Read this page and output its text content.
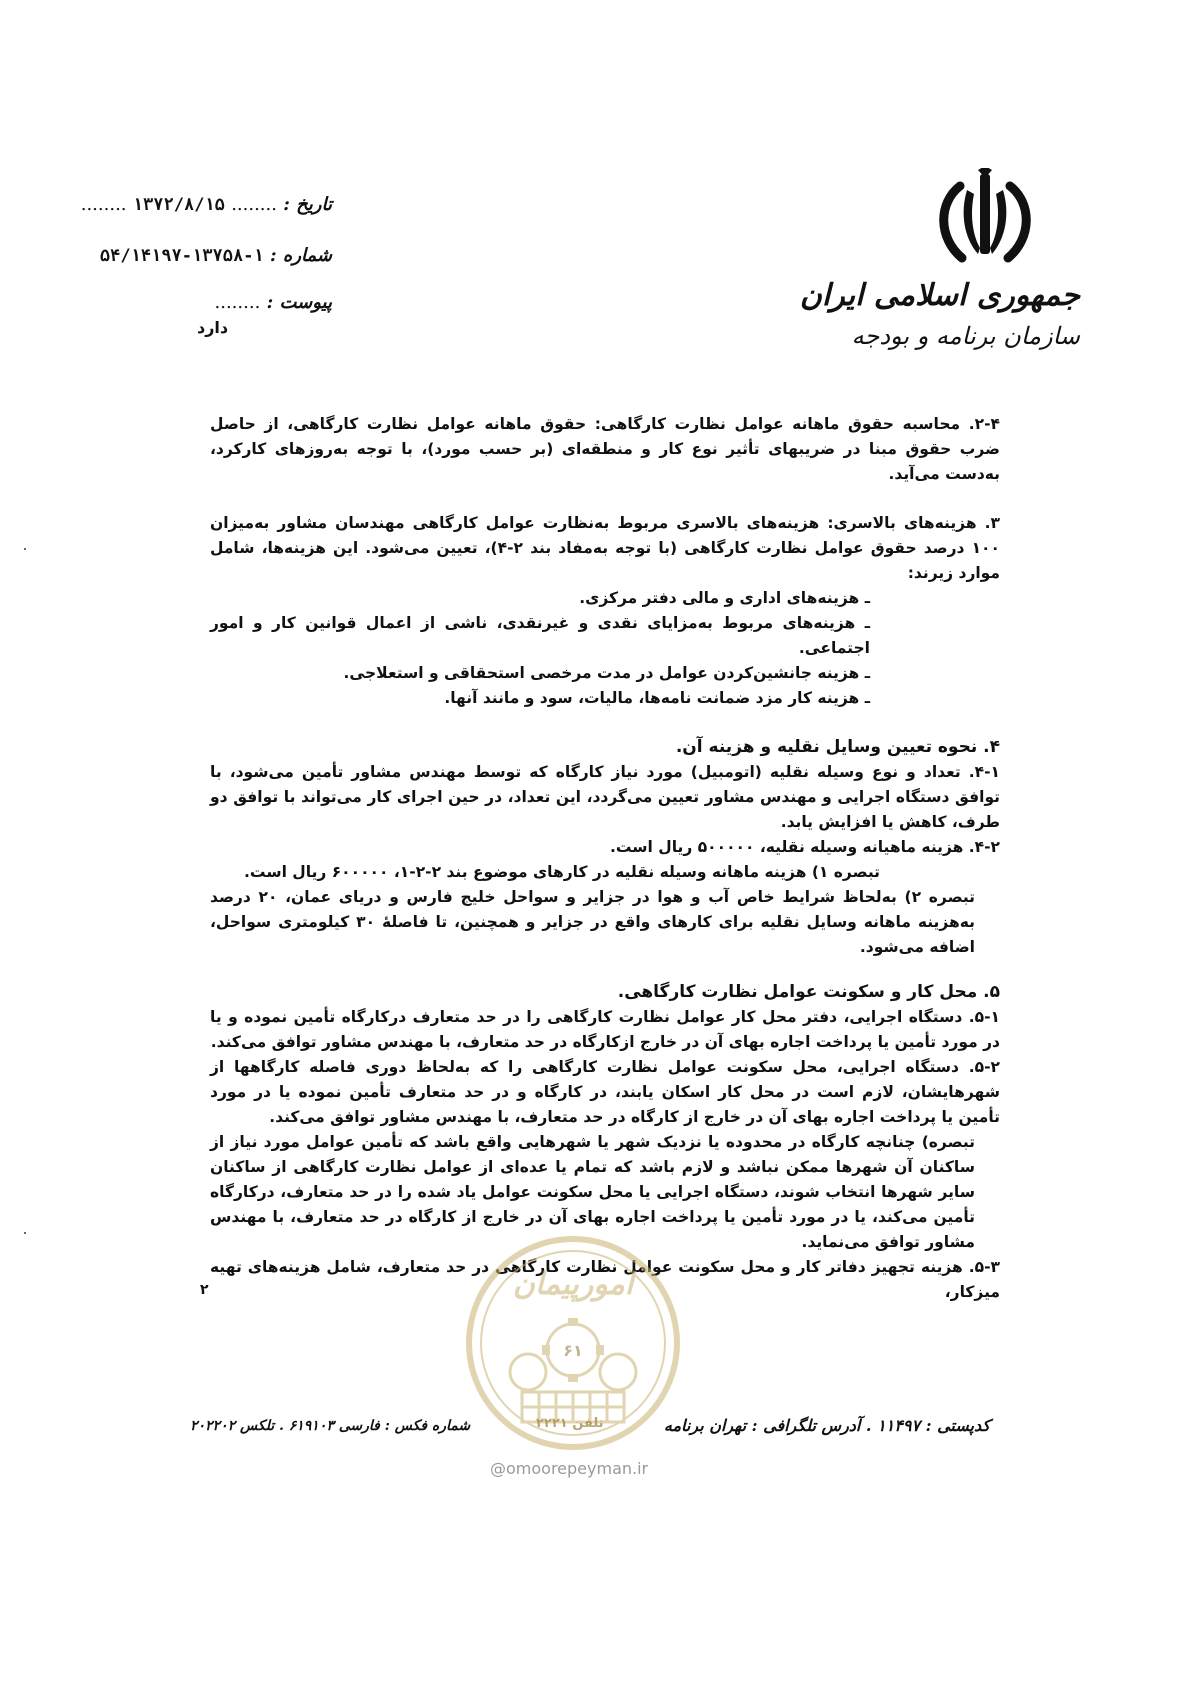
جمهوری اسلامی ایران
سازمان برنامه و بودجه
تاریخ : ........ ۱۳۷۲/۸/۱۵ ........
شماره : ۱-۱۳۷۵۸-۵۴/۱۴۱۹۷
پیوست : ........
دارد

۲-۴. محاسبه حقوق ماهانه عوامل نظارت کارگاهی: حقوق ماهانه عوامل نظارت کارگاهی، از حاصل ضرب حقوق مبنا در ضریبهای تأثیر نوع کار و منطقه‌ای (بر حسب مورد)، با توجه به‌روزهای کارکرد، به‌دست می‌آید.

۳. هزینه‌های بالاسری: هزینه‌های بالاسری مربوط به‌نظارت عوامل کارگاهی مهندسان مشاور به‌میزان ۱۰۰ درصد حقوق عوامل نظارت کارگاهی (با توجه به‌مفاد بند ۲-۴)، تعیین می‌شود. این هزینه‌ها، شامل موارد زیرند:

ـ هزینه‌های اداری و مالی دفتر مرکزی.

ـ هزینه‌های مربوط به‌مزایای نقدی و غیرنقدی، ناشی از اعمال قوانین کار و امور اجتماعی.

ـ هزینه جانشین‌کردن عوامل در مدت مرخصی استحقاقی و استعلاجی.

ـ هزینه کار مزد ضمانت نامه‌ها، مالیات، سود و مانند آنها.

۴. نحوه تعیین وسایل نقلیه و هزینه آن.

۴-۱. تعداد و نوع وسیله نقلیه (اتومبیل) مورد نیاز کارگاه که توسط مهندس مشاور تأمین می‌شود، با توافق دستگاه اجرایی و مهندس مشاور تعیین می‌گردد، این تعداد، در حین اجرای کار می‌تواند با توافق دو طرف، کاهش یا افزایش یابد.

۴-۲. هزینه ماهیانه وسیله نقلیه، ۵۰۰۰۰۰ ریال است.

تبصره ۱) هزینه ماهانه وسیله نقلیه در کارهای موضوع بند ۲-۲-۱، ۶۰۰۰۰۰ ریال است.

تبصره ۲) به‌لحاظ شرایط خاص آب و هوا در جزایر و سواحل خلیج فارس و دریای عمان، ۲۰ درصد به‌هزینه ماهانه وسایل نقلیه برای کارهای واقع در جزایر و همچنین، تا فاصلهٔ ۳۰ کیلومتری سواحل، اضافه می‌شود.

۵. محل کار و سکونت عوامل نظارت کارگاهی.

۵-۱. دستگاه اجرایی، دفتر محل کار عوامل نظارت کارگاهی را در حد متعارف درکارگاه تأمین نموده و یا در مورد تأمین یا پرداخت اجاره بهای آن در خارج ازکارگاه در حد متعارف، با مهندس مشاور توافق می‌کند.

۵-۲. دستگاه اجرایی، محل سکونت عوامل نظارت کارگاهی را که به‌لحاظ دوری فاصله کارگاهها از شهرهایشان، لازم است در محل کار اسکان یابند، در کارگاه و در حد متعارف تأمین نموده یا در مورد تأمین یا پرداخت اجاره بهای آن در خارج از کارگاه در حد متعارف، با مهندس مشاور توافق می‌کند.

تبصره) چنانچه کارگاه در محدوده یا نزدیک شهر یا شهرهایی واقع باشد که تأمین عوامل مورد نیاز از ساکنان آن شهرها ممکن نباشد و لازم باشد که تمام یا عده‌ای از عوامل نظارت کارگاهی از ساکنان سایر شهرها انتخاب شوند، دستگاه اجرایی یا محل سکونت عوامل یاد شده را در حد متعارف، درکارگاه تأمین می‌کند، یا در مورد تأمین یا پرداخت اجاره بهای آن در خارج از کارگاه در حد متعارف، با مهندس مشاور توافق می‌نماید.

۵-۳. هزینه تجهیز دفاتر کار و محل سکونت عوامل نظارت کارگاهی در حد متعارف، شامل هزینه‌های تهیه میزکار،

۲	امورپیمان
۶۱
تلفن ۲۲۲۱
شماره فکس : فارسی ۶۱۹۱۰۳ . تلکس ۲۰۲۲۰۲	کدپستی : ۱۱۴۹۷ . آدرس تلگرافی : تهران برنامه
@omoorepeyman.ir
